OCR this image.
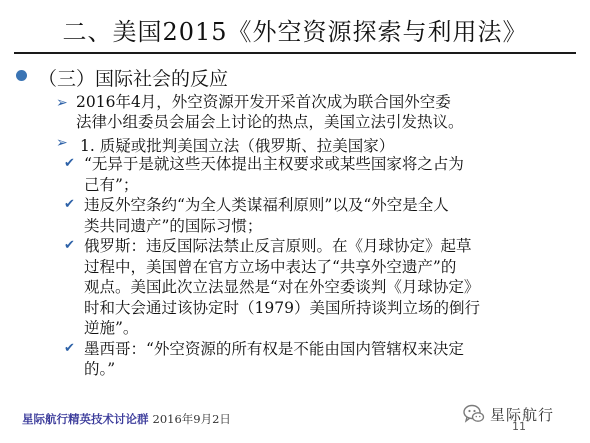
二、美国2015《外空资源探索与利用法》
（三）国际社会的反应
➢ 2016年4月，外空资源开发开采首次成为联合国外空委
法律小组委员会届会上讨论的热点，美国立法引发热议。
➢ 1. 质疑或批判美国立法（俄罗斯、拉美国家）
✔ “无异于是就这些天体提出主权要求或某些国家将之占为
己有”；
✔ 违反外空条约“为全人类谋福利原则”以及“外空是全人
类共同遗产”的国际习惯；
✔ 俄罗斯：违反国际法禁止反言原则。在《月球协定》起草
过程中，美国曾在官方立场中表达了“共享外空遗产”的
观点。美国此次立法显然是“对在外空委谈判《月球协定》
时和大会通过该协定时（1979）美国所持谈判立场的倒行
逆施”。
✔ 墨西哥：“外空资源的所有权是不能由国内管辖权来决定
的。”
星际航行精英技术讨论群 2016年9月2日	星际航行
11
